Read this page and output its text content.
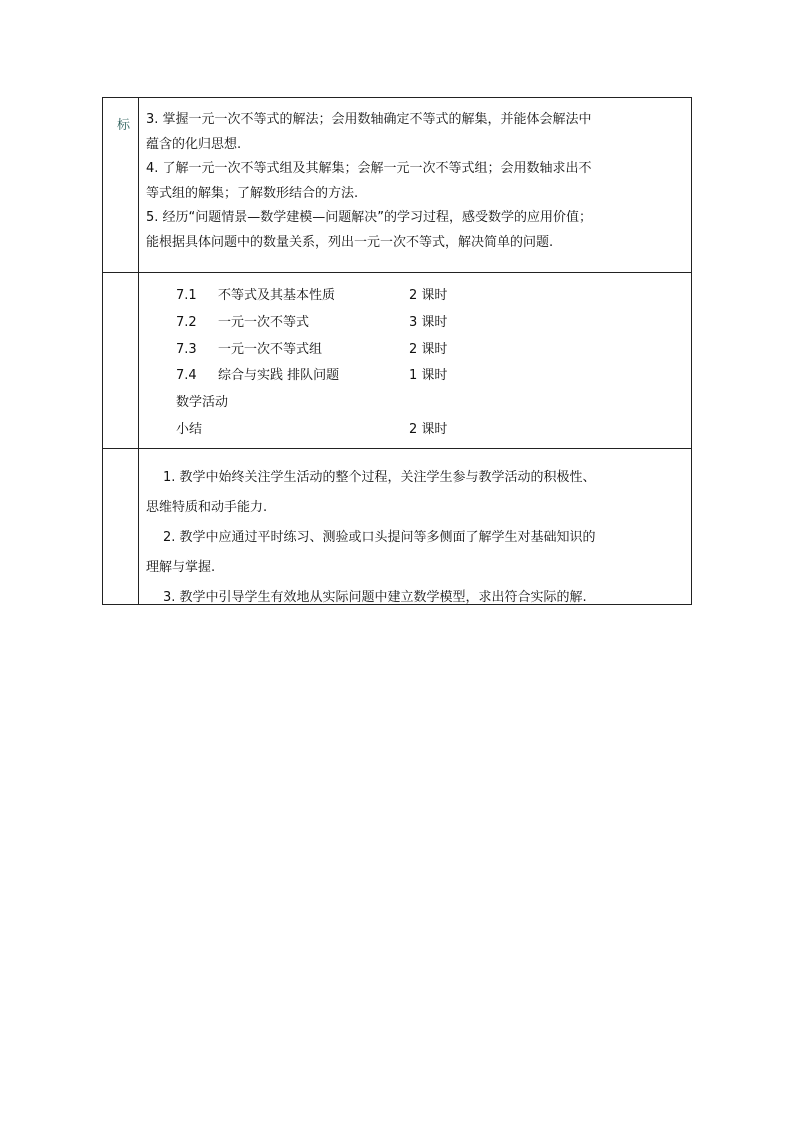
标 3. 掌握一元一次不等式的解法；会用数轴确定不等式的解集，并能体会解法中
蕴含的化归思想.
4. 了解一元一次不等式组及其解集；会解一元一次不等式组；会用数轴求出不
等式组的解集；了解数形结合的方法.
5. 经历“问题情景—数学建模—问题解决”的学习过程，感受数学的应用价值；
能根据具体问题中的数量关系，列出一元一次不等式，解决简单的问题.
7.1 不等式及其基本性质	2 课时
7.2 一元一次不等式	3 课时
7.3 一元一次不等式组	2 课时
7.4 综合与实践 排队问题	1 课时
数学活动
小结	2 课时
1. 教学中始终关注学生活动的整个过程，关注学生参与教学活动的积极性、
思维特质和动手能力.
2. 教学中应通过平时练习、测验或口头提问等多侧面了解学生对基础知识的
理解与掌握.
3. 教学中引导学生有效地从实际问题中建立数学模型，求出符合实际的解.
